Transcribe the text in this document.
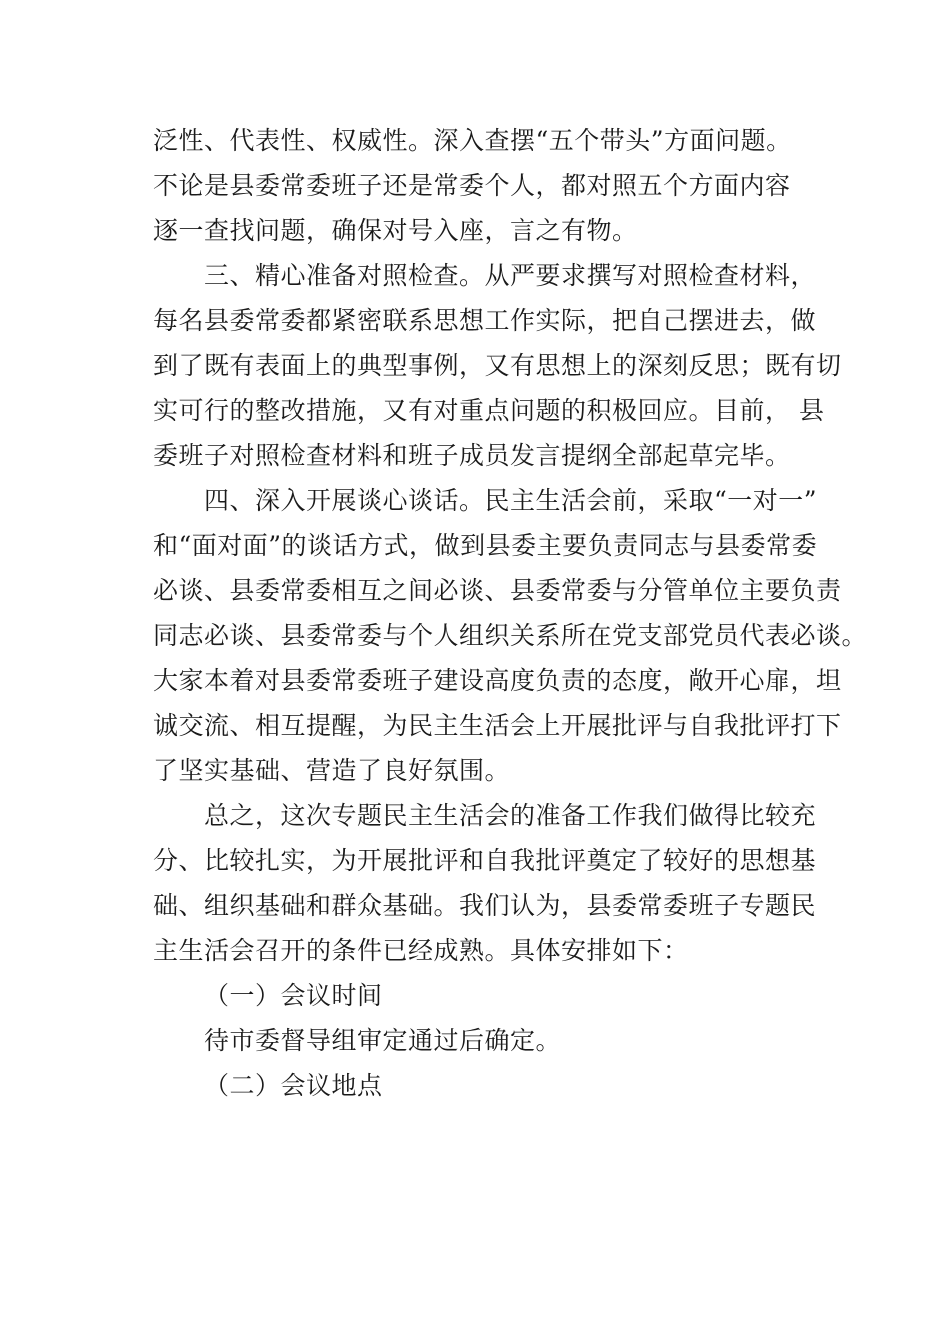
泛性、代表性、权威性。深入查摆“五个带头”方面问题。
不论是县委常委班子还是常委个人，都对照五个方面内容
逐一查找问题，确保对号入座，言之有物。
三、精心准备对照检查。从严要求撰写对照检查材料，
每名县委常委都紧密联系思想工作实际，把自己摆进去，做
到了既有表面上的典型事例，又有思想上的深刻反思；既有切
实可行的整改措施，又有对重点问题的积极回应。目前， 县
委班子对照检查材料和班子成员发言提纲全部起草完毕。
四、深入开展谈心谈话。民主生活会前，采取“一对一”
和“面对面”的谈话方式，做到县委主要负责同志与县委常委
必谈、县委常委相互之间必谈、县委常委与分管单位主要负责
同志必谈、县委常委与个人组织关系所在党支部党员代表必谈。
大家本着对县委常委班子建设高度负责的态度，敞开心扉，坦
诚交流、相互提醒，为民主生活会上开展批评与自我批评打下
了坚实基础、营造了良好氛围。
总之，这次专题民主生活会的准备工作我们做得比较充
分、比较扎实，为开展批评和自我批评奠定了较好的思想基
础、组织基础和群众基础。我们认为，县委常委班子专题民
主生活会召开的条件已经成熟。具体安排如下：
（一）会议时间
待市委督导组审定通过后确定。
（二）会议地点
